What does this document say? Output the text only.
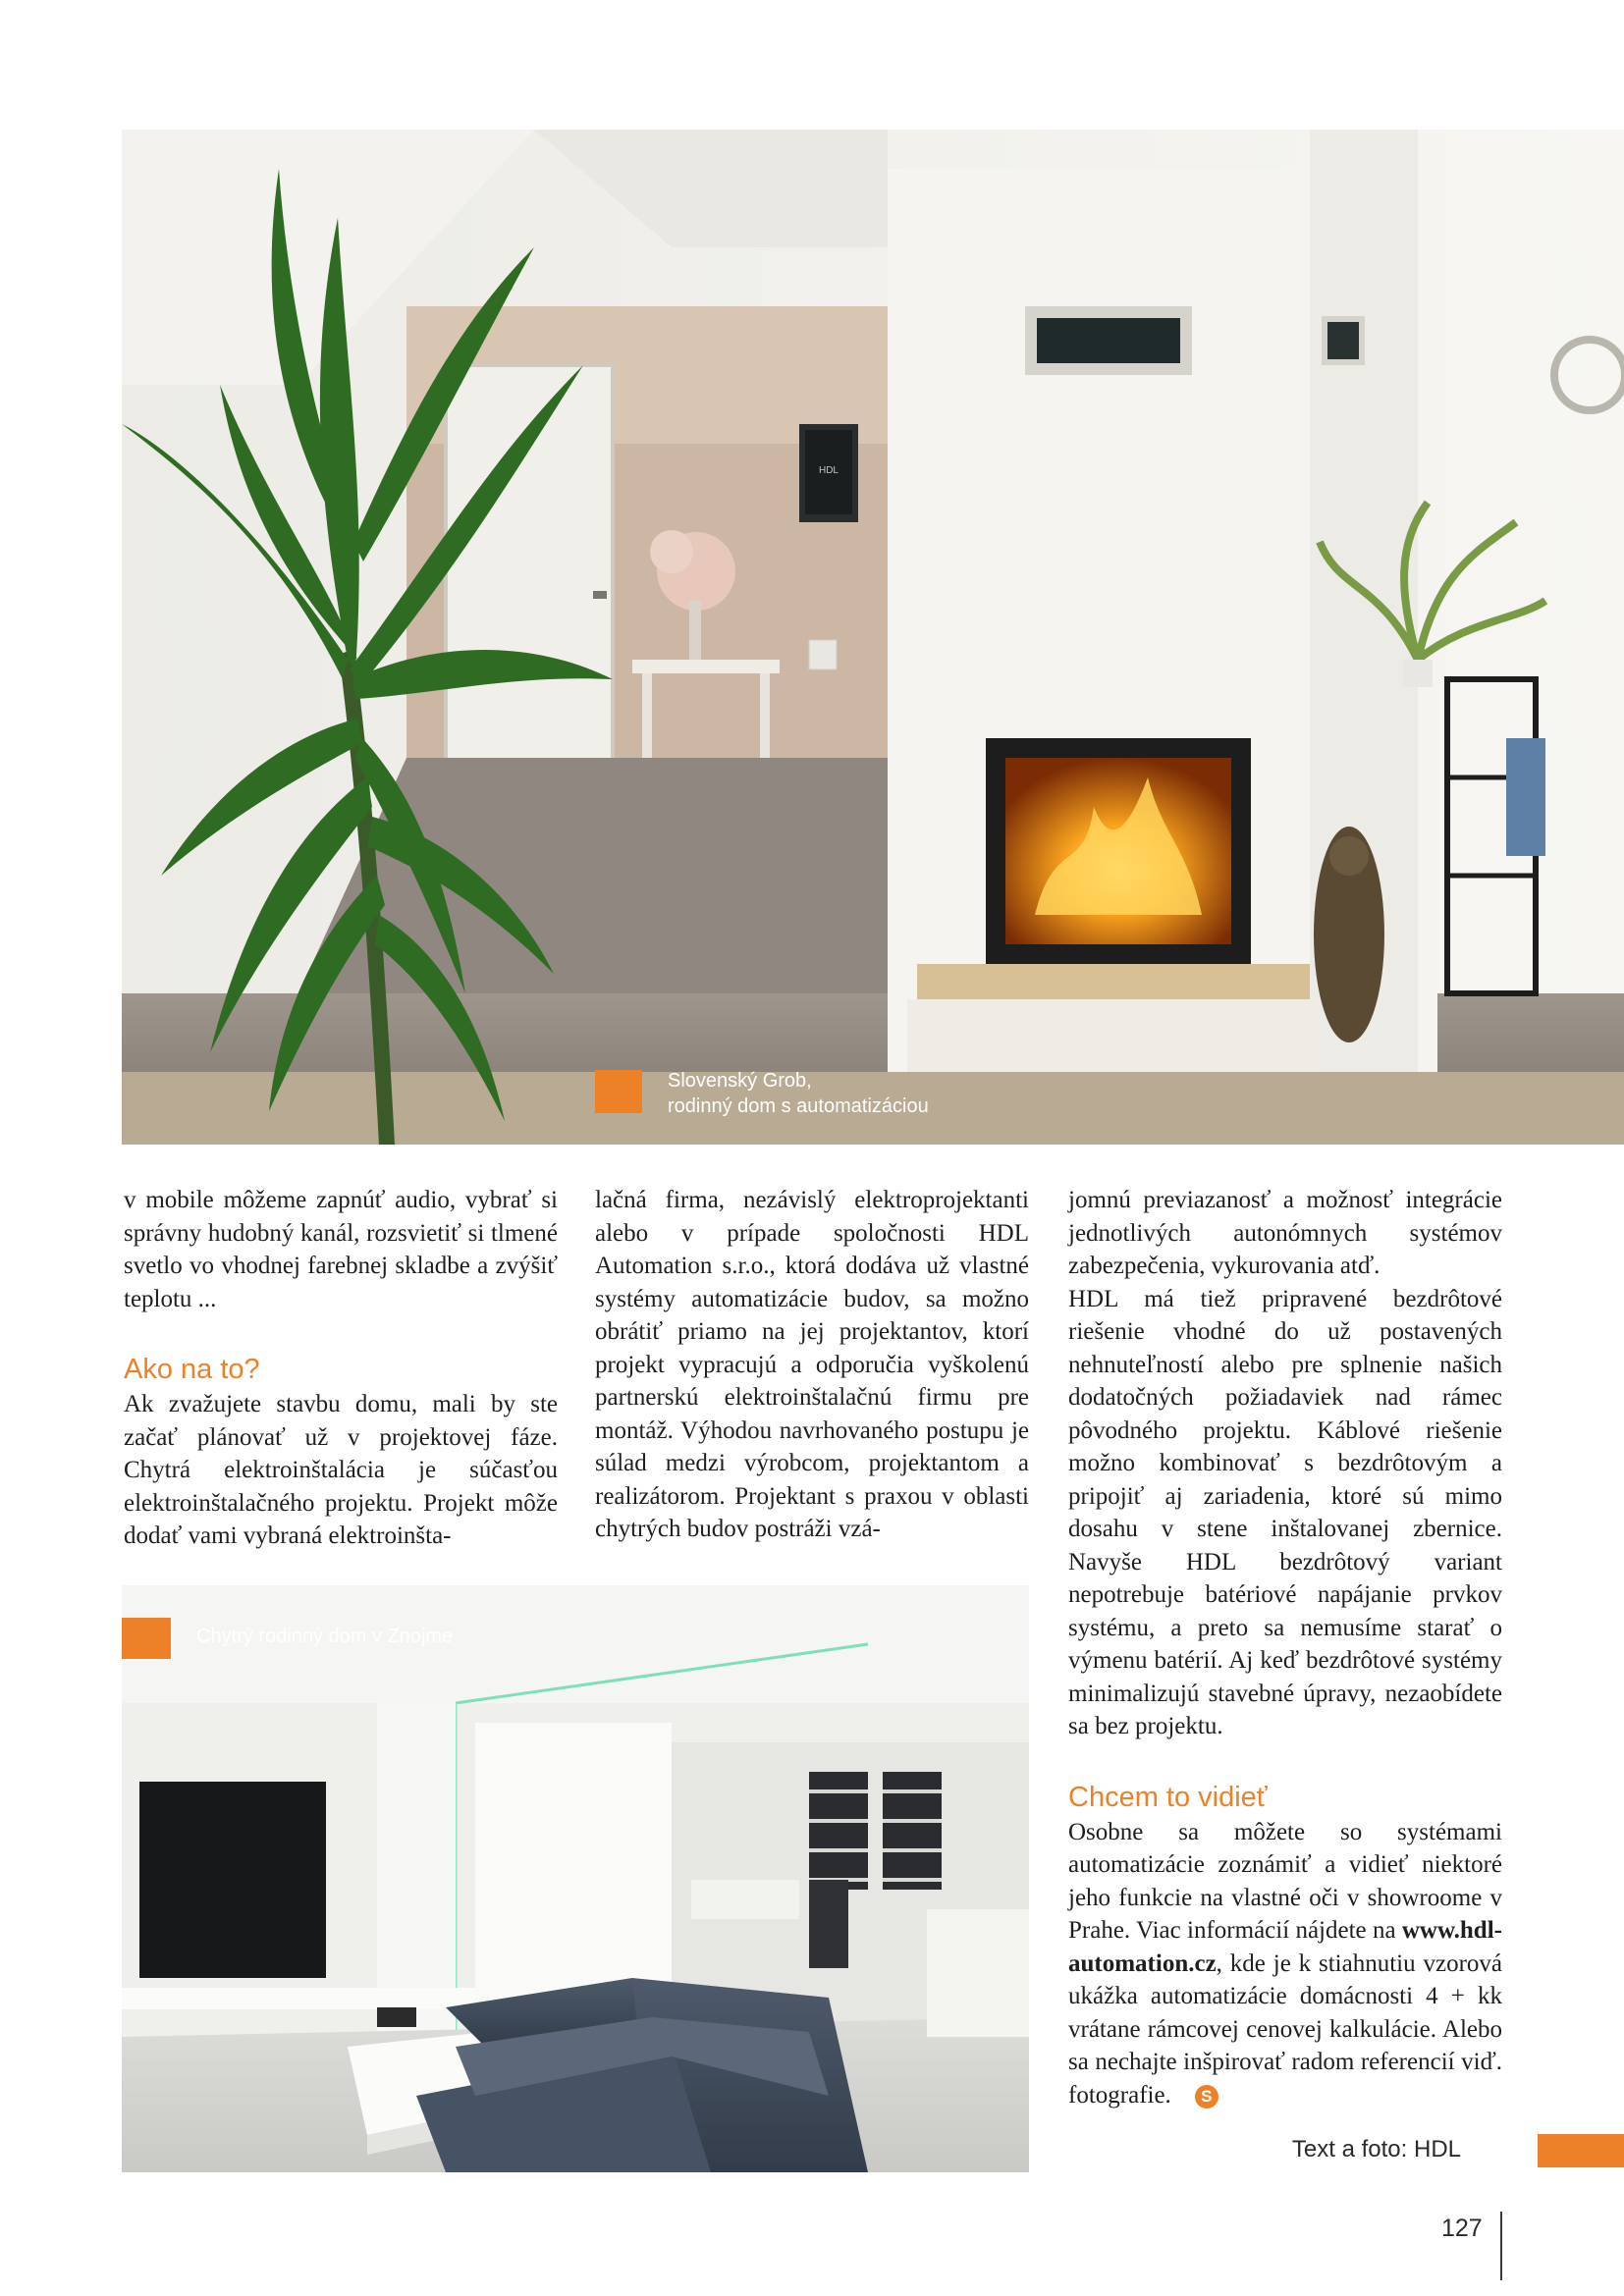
HDL
Slovenský Grob,
rodinný dom s automatizáciou

v mobile môžeme zapnúť audio, vybrať si správny hudobný kanál, rozsvietiť si tlmené svetlo vo vhodnej farebnej skladbe a zvýšiť teplotu ...

Ako na to?

Ak zvažujete stavbu domu, mali by ste začať plánovať už v projektovej fáze. Chytrá elektroinštalácia je súčasťou elektroinštalačného projektu. Projekt môže dodať vami vybraná elektroinšta-

lačná firma, nezávislý elektroprojektanti alebo v prípade spoločnosti HDL Automation s.r.o., ktorá dodáva už vlastné systémy automatizácie budov, sa možno obrátiť priamo na jej projektantov, ktorí projekt vypracujú a odporučia vyškolenú partnerskú elektroinštalačnú firmu pre montáž. Výhodou navrhovaného postupu je súlad medzi výrobcom, projektantom a realizátorom. Projektant s praxou v oblasti chytrých budov postráži vzá-

jomnú previazanosť a možnosť integrácie jednotlivých autonómnych systémov zabezpečenia, vykurovania atď.

HDL má tiež pripravené bezdrôtové riešenie vhodné do už postavených nehnuteľností alebo pre splnenie našich dodatočných požiadaviek nad rámec pôvodného projektu. Káblové riešenie možno kombinovať s bezdrôtovým a pripojiť aj zariadenia, ktoré sú mimo dosahu v stene inštalovanej zbernice. Navyše HDL bezdrôtový variant nepotrebuje batériové napájanie prvkov systému, a preto sa nemusíme starať o výmenu batérií. Aj keď bezdrôtové systémy minimalizujú stavebné úpravy, nezaobídete sa bez projektu.

Chcem to vidieť

Osobne sa môžete so systémami automatizácie zoznámiť a vidieť niektoré jeho funkcie na vlastné oči v showroome v Prahe. Viac informácií nájdete na www.hdl-automation.cz, kde je k stiahnutiu vzorová ukážka automatizácie domácnosti 4 + kk vrátane rámcovej cenovej kalkulácie. Alebo sa nechajte inšpirovať radom referencií viď. fotografie. S

Chytrý rodinný dom v Znojme
Text a foto: HDL
127
